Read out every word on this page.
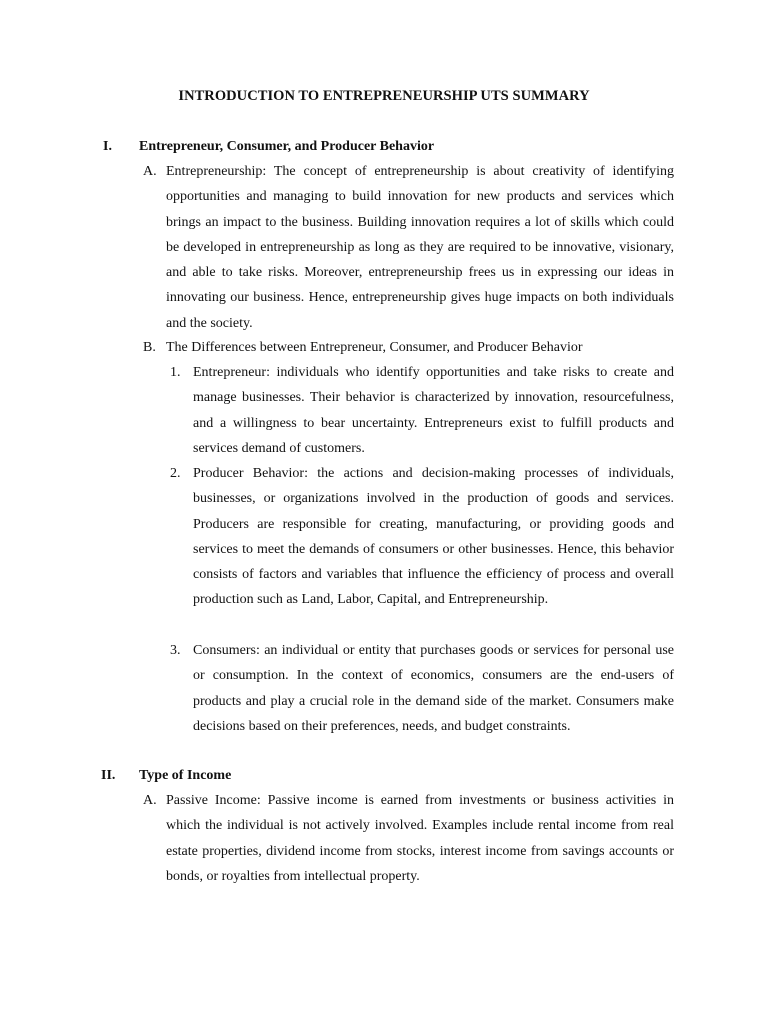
INTRODUCTION TO ENTREPRENEURSHIP UTS SUMMARY
I. Entrepreneur, Consumer, and Producer Behavior
A. Entrepreneurship: The concept of entrepreneurship is about creativity of identifying opportunities and managing to build innovation for new products and services which brings an impact to the business. Building innovation requires a lot of skills which could be developed in entrepreneurship as long as they are required to be innovative, visionary, and able to take risks. Moreover, entrepreneurship frees us in expressing our ideas in innovating our business. Hence, entrepreneurship gives huge impacts on both individuals and the society.

B. The Differences between Entrepreneur, Consumer, and Producer Behavior

1. Entrepreneur: individuals who identify opportunities and take risks to create and manage businesses. Their behavior is characterized by innovation, resourcefulness, and a willingness to bear uncertainty. Entrepreneurs exist to fulfill products and services demand of customers.

2. Producer Behavior: the actions and decision-making processes of individuals, businesses, or organizations involved in the production of goods and services. Producers are responsible for creating, manufacturing, or providing goods and services to meet the demands of consumers or other businesses. Hence, this behavior consists of factors and variables that influence the efficiency of process and overall production such as Land, Labor, Capital, and Entrepreneurship.

3. Consumers: an individual or entity that purchases goods or services for personal use or consumption. In the context of economics, consumers are the end-users of products and play a crucial role in the demand side of the market. Consumers make decisions based on their preferences, needs, and budget constraints.

II. Type of Income
A. Passive Income: Passive income is earned from investments or business activities in which the individual is not actively involved. Examples include rental income from real estate properties, dividend income from stocks, interest income from savings accounts or bonds, or royalties from intellectual property.
